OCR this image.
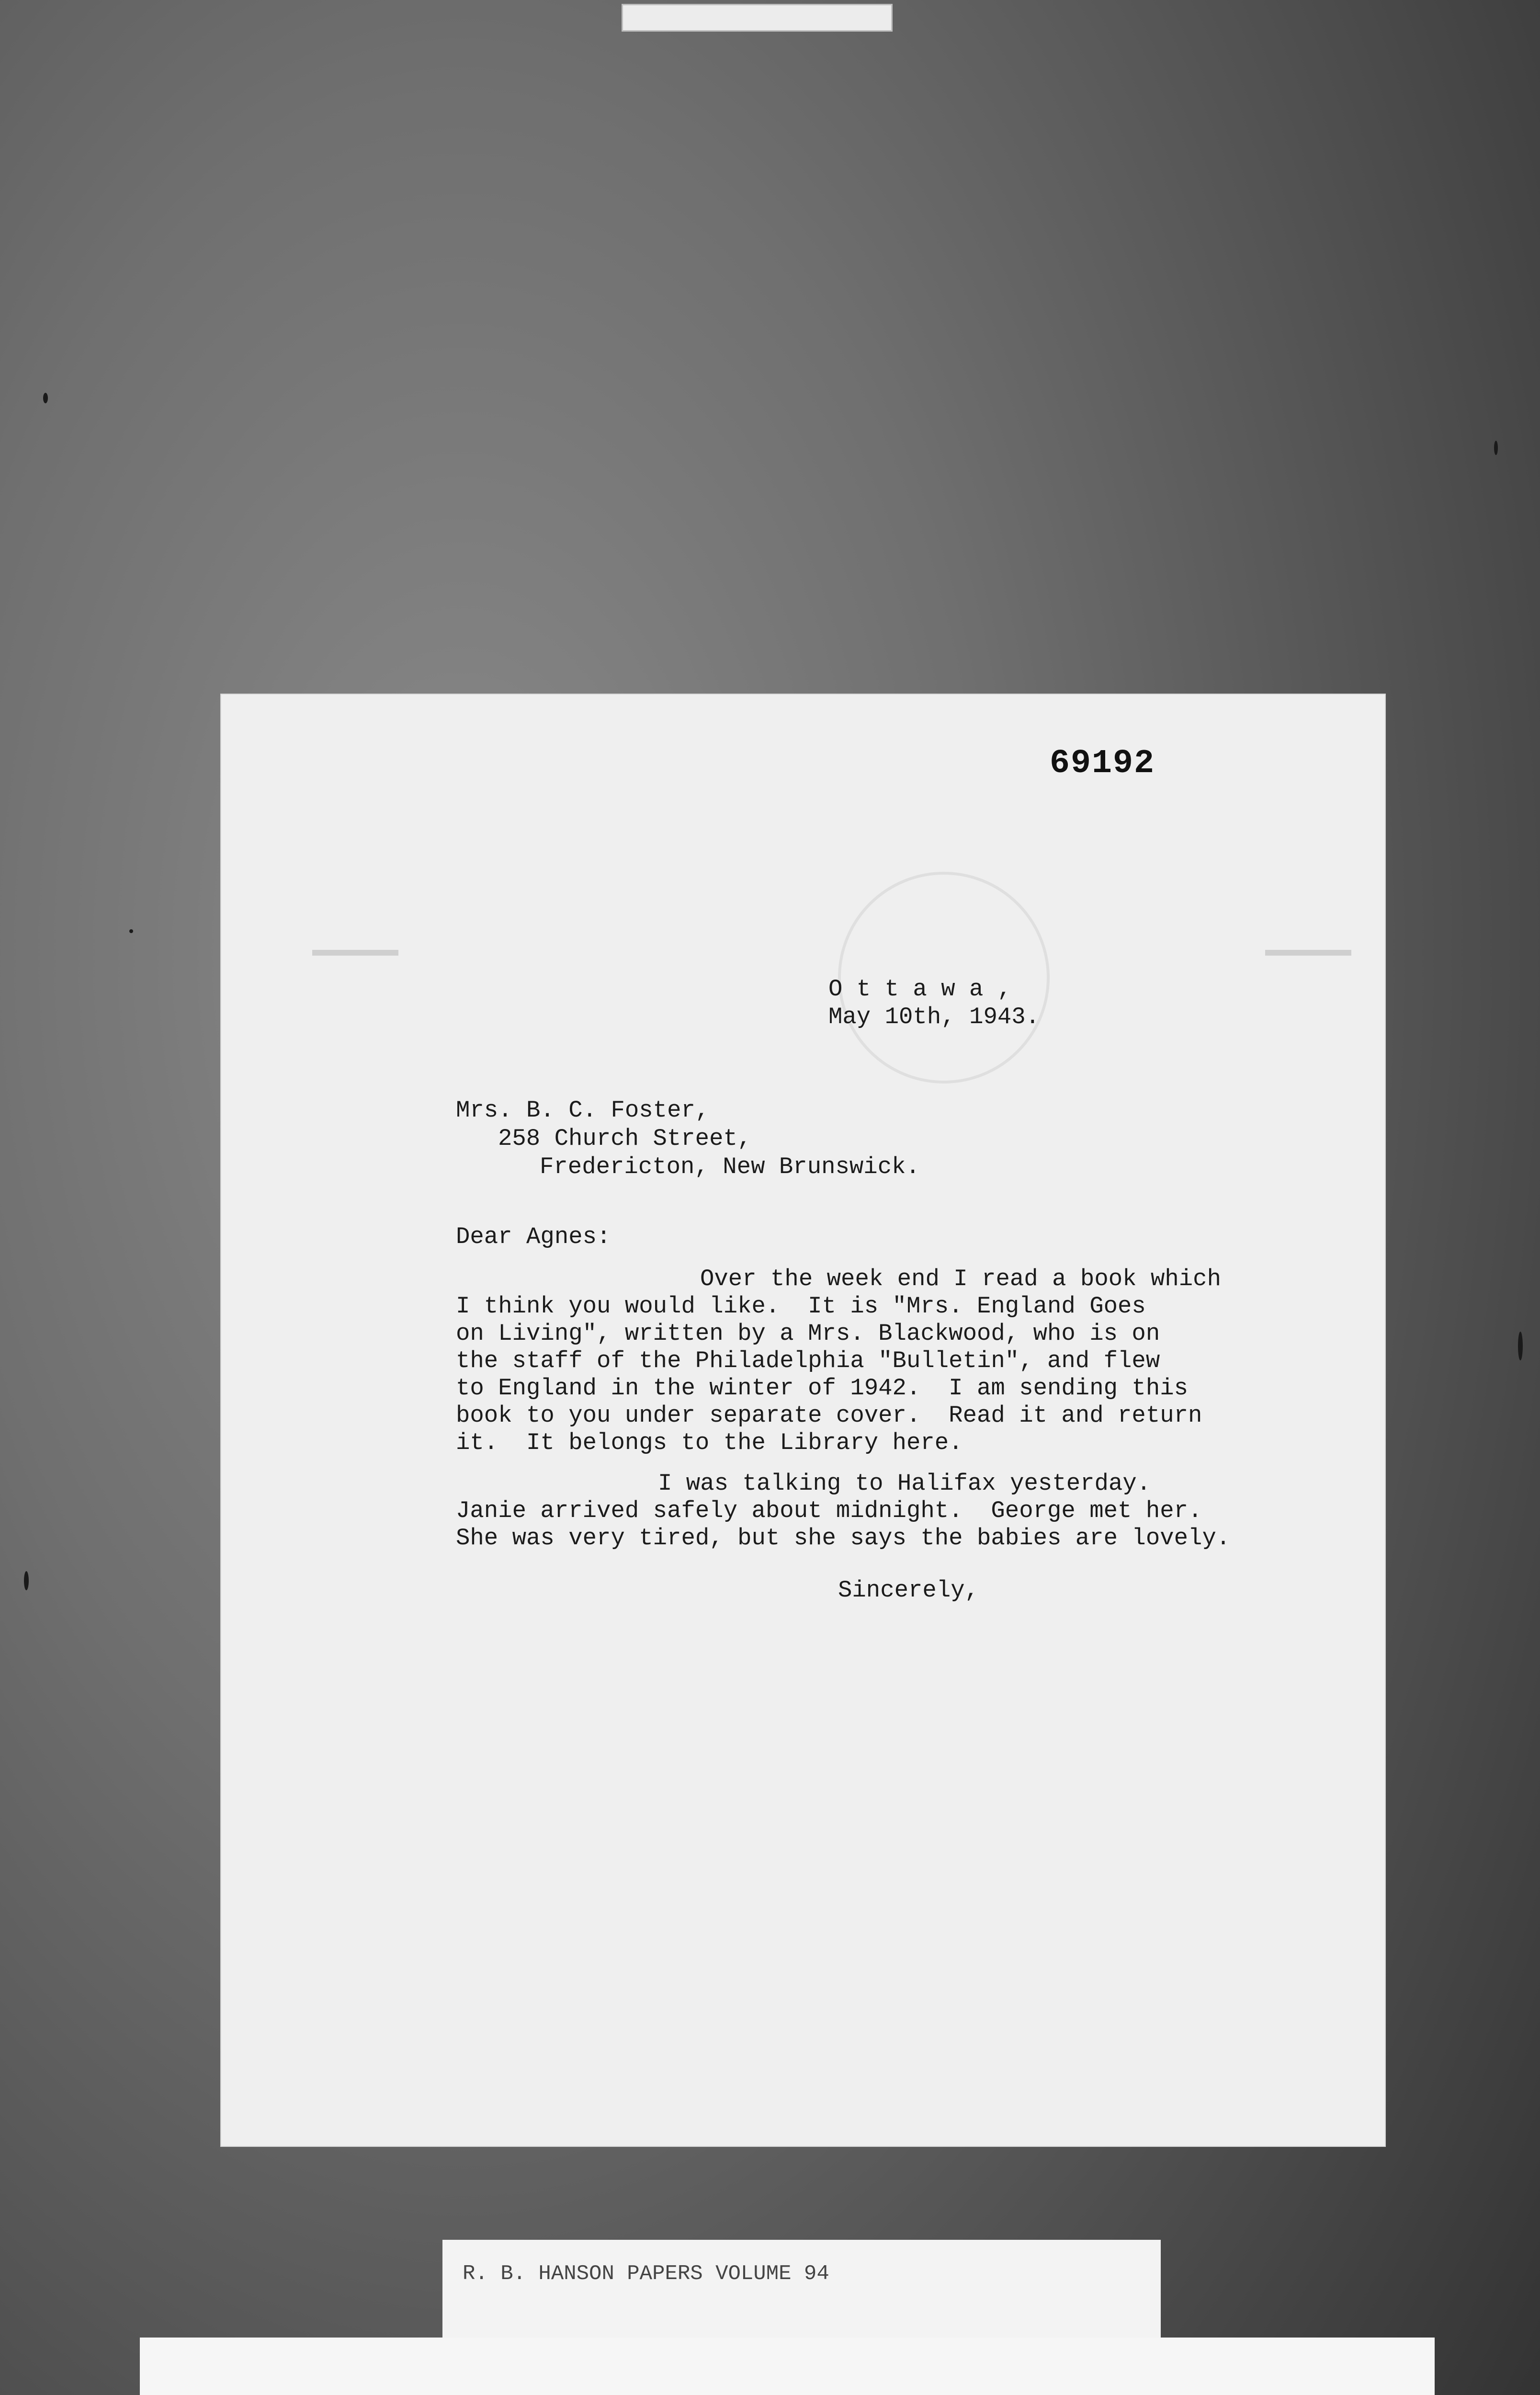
69192
O t t a w a ,
May 10th, 1943.
Mrs. B. C. Foster,
258 Church Street,
Fredericton, New Brunswick.
Dear Agnes:
Over the week end I read a book which
I think you would like.  It is "Mrs. England Goes
on Living", written by a Mrs. Blackwood, who is on
the staff of the Philadelphia "Bulletin", and flew
to England in the winter of 1942.  I am sending this
book to you under separate cover.  Read it and return
it.  It belongs to the Library here.
I was talking to Halifax yesterday.
Janie arrived safely about midnight.  George met her.
She was very tired, but she says the babies are lovely.
Sincerely,
R. B. HANSON PAPERS VOLUME 94
